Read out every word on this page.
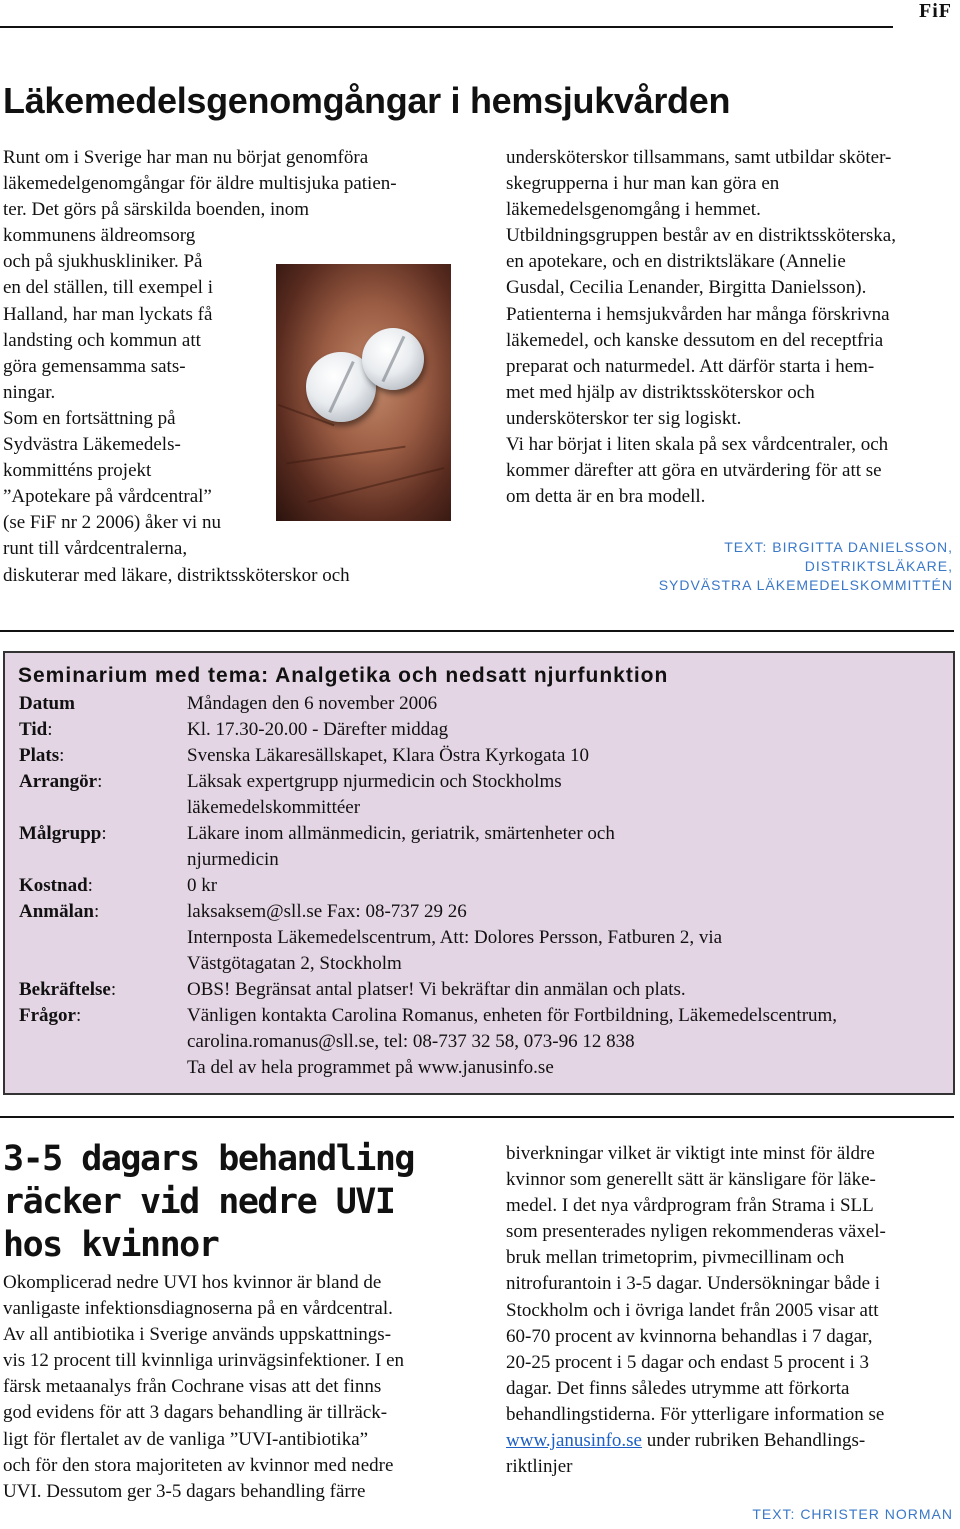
FiF
Läkemedelsgenomgångar i hemsjukvården
Runt om i Sverige har man nu börjat genomföra
läkemedelgenomgångar för äldre multisjuka patien-
ter. Det görs på särskilda boenden, inom
kommunens äldreomsorg
och på sjukhuskliniker. På
en del ställen, till exempel i
Halland, har man lyckats få
landsting och kommun att
göra gemensamma sats-
ningar.
Som en fortsättning på
Sydvästra Läkemedels-
kommitténs projekt
”Apotekare på vårdcentral”
(se FiF nr 2 2006) åker vi nu
runt till vårdcentralerna,
diskuterar med läkare, distriktssköterskor och
undersköterskor tillsammans, samt utbildar sköter-
skegrupperna i hur man kan göra en
läkemedelsgenomgång i hemmet.
Utbildningsgruppen består av en distriktssköterska,
en apotekare, och en distriktsläkare (Annelie
Gusdal, Cecilia Lenander, Birgitta Danielsson).
Patienterna i hemsjukvården har många förskrivna
läkemedel, och kanske dessutom en del receptfria
preparat och naturmedel. Att därför starta i hem-
met med hjälp av distriktssköterskor och
undersköterskor ter sig logiskt.
Vi har börjat i liten skala på sex vårdcentraler, och
kommer därefter att göra en utvärdering för att se
om detta är en bra modell.
TEXT: BIRGITTA DANIELSSON,
DISTRIKTSLÄKARE,
SYDVÄSTRA LÄKEMEDELSKOMMITTÉN
Seminarium med tema: Analgetika och nedsatt njurfunktion
Datum	Måndagen den 6 november 2006
Tid:	Kl. 17.30-20.00 - Därefter middag
Plats:	Svenska Läkaresällskapet, Klara Östra Kyrkogata 10
Arrangör:	Läksak expertgrupp njurmedicin och Stockholms
läkemedelskommittéer
Målgrupp:	Läkare inom allmänmedicin, geriatrik, smärtenheter och
njurmedicin
Kostnad:	0 kr
Anmälan:	laksaksem@sll.se Fax: 08-737 29 26
Internposta Läkemedelscentrum, Att: Dolores Persson, Fatburen 2, via
Västgötagatan 2, Stockholm
Bekräftelse:	OBS! Begränsat antal platser! Vi bekräftar din anmälan och plats.
Frågor:	Vänligen kontakta Carolina Romanus, enheten för Fortbildning, Läkemedelscentrum,
carolina.romanus@sll.se, tel: 08-737 32 58, 073-96 12 838
Ta del av hela programmet på www.janusinfo.se
3-5 dagars behandling
räcker vid nedre UVI
hos kvinnor
Okomplicerad nedre UVI hos kvinnor är bland de
vanligaste infektionsdiagnoserna på en vårdcentral.
Av all antibiotika i Sverige används uppskattnings-
vis 12 procent till kvinnliga urinvägsinfektioner. I en
färsk metaanalys från Cochrane visas att det finns
god evidens för att 3 dagars behandling är tillräck-
ligt för flertalet av de vanliga ”UVI-antibiotika”
och för den stora majoriteten av kvinnor med nedre
UVI. Dessutom ger 3-5 dagars behandling färre
biverkningar vilket är viktigt inte minst för äldre
kvinnor som generellt sätt är känsligare för läke-
medel. I det nya vårdprogram från Strama i SLL
som presenterades nyligen rekommenderas växel-
bruk mellan trimetoprim, pivmecillinam och
nitrofurantoin i 3-5 dagar. Undersökningar både i
Stockholm och i övriga landet från 2005 visar att
60-70 procent av kvinnorna behandlas i 7 dagar,
20-25 procent i 5 dagar och endast 5 procent i 3
dagar. Det finns således utrymme att förkorta
behandlingstiderna. För ytterligare information se
www.janusinfo.se under rubriken Behandlings-
riktlinjer
TEXT: CHRISTER NORMAN
